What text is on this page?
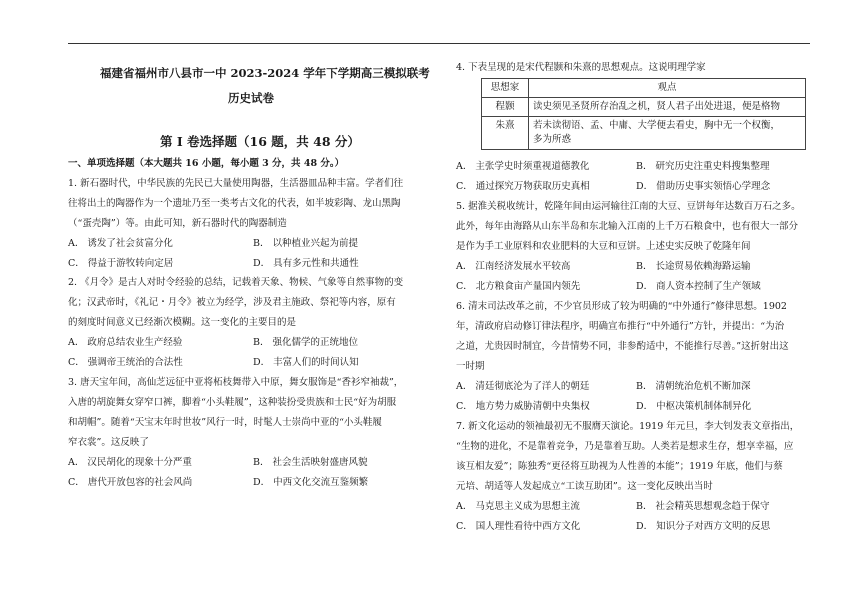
福建省福州市八县市一中 2023-2024 学年下学期高三模拟联考
历史试卷
第 I 卷选择题（16 题，共 48 分）
一、单项选择题（本大题共 16 小题，每小题 3 分，共 48 分。）
1. 新石器时代，中华民族的先民已大量使用陶器，生活器皿品种丰富。学者们往
往将出土的陶器作为一个遗址乃至一类考古文化的代表，如半坡彩陶、龙山黑陶
（“蛋壳陶”）等。由此可知，新石器时代的陶器制造
A． 诱发了社会贫富分化	B． 以种植业兴起为前提
C． 得益于游牧转向定居	D． 具有多元性和共通性
2. 《月令》是古人对时令经验的总结，记载着天象、物候、气象等自然事物的变
化；汉武帝时，《礼记・月令》被立为经学，涉及君主施政、祭祀等内容，原有
的刻度时间意义已经渐次模糊。这一变化的主要目的是
A． 政府总结农业生产经验	B． 强化儒学的正统地位
C． 强调帝王统治的合法性	D． 丰富人们的时间认知
3. 唐天宝年间，高仙芝远征中亚将柘枝舞带入中原，舞女服饰是“香衫窄袖裁”，
入唐的胡旋舞女穿窄口裤，脚着“小头鞋履”，这种装扮受贵族和士民“好为胡服
和胡帽”。随着“天宝末年时世妆”风行一时，时髦人士崇尚中亚的“小头鞋履
窄衣裳”。这反映了
A． 汉民胡化的现象十分严重	B． 社会生活映射盛唐风貌
C． 唐代开放包容的社会风尚	D． 中西文化交流互鉴频繁
4. 下表呈现的是宋代程颢和朱熹的思想观点。这说明理学家
思想家	观点
程颢	读史须见圣贤所存治乱之机，贤人君子出处进退，便是格物
朱熹	若未读彻语、孟、中庸、大学便去看史，胸中无一个权衡，
多为所惑
A． 主张学史时须重视道德教化	B． 研究历史注重史料搜集整理
C． 通过探究万物获取历史真相	D． 借助历史事实领悟心学理念
5. 据淮关税收统计，乾隆年间由运河输往江南的大豆、豆饼每年达数百万石之多。
此外，每年由海路从山东半岛和东北输入江南的上千万石粮食中，也有很大一部分
是作为手工业原料和农业肥料的大豆和豆饼。上述史实反映了乾隆年间
A． 江南经济发展水平较高	B． 长途贸易依赖海路运输
C． 北方粮食亩产量国内领先	D． 商人资本控制了生产领域
6. 清末司法改革之前，不少官员形成了较为明确的“中外通行”修律思想。1902
年，清政府启动修订律法程序，明确宣布推行“中外通行”方针，并提出：“为治
之道，尤贵因时制宜，今昔情势不同，非参酌适中，不能推行尽善。”这折射出这
一时期
A． 清廷彻底沦为了洋人的朝廷	B． 清朝统治危机不断加深
C． 地方势力威胁清朝中央集权	D． 中枢决策机制体制异化
7. 新文化运动的领袖最初无不服膺天演论。1919 年元旦，李大钊发表文章指出，
“生物的进化，不是靠着竞争，乃是靠着互助。人类若是想求生存，想享幸福，应
该互相友爱”；陈独秀“更径将互助视为人性善的本能”；1919 年底，他们与蔡
元培、胡适等人发起成立“工读互助团”。这一变化反映出当时
A． 马克思主义成为思想主流	B． 社会精英思想观念趋于保守
C． 国人理性看待中西方文化	D． 知识分子对西方文明的反思
